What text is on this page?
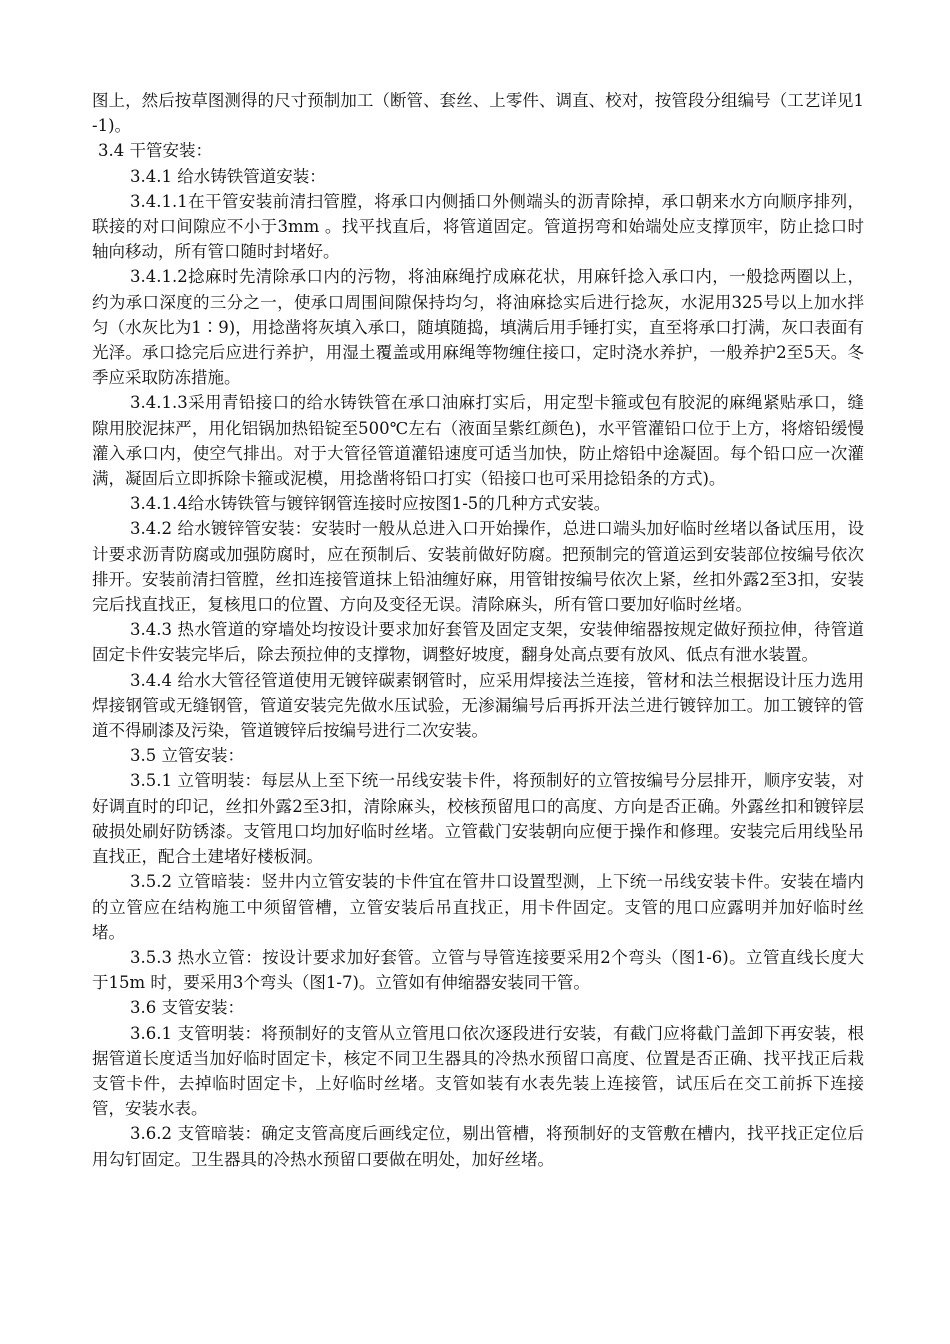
图上，然后按草图测得的尺寸预制加工（断管、套丝、上零件、调直、校对，按管段分组编号（工艺详见1-1)。

3.4 干管安装：

3.4.1 给水铸铁管道安装：

3.4.1.1在干管安装前清扫管膛，将承口内侧插口外侧端头的沥青除掉，承口朝来水方向顺序排列，联接的对口间隙应不小于3mm 。找平找直后，将管道固定。管道拐弯和始端处应支撑顶牢，防止捻口时轴向移动，所有管口随时封堵好。

3.4.1.2捻麻时先清除承口内的污物，将油麻绳拧成麻花状，用麻钎捻入承口内，一般捻两圈以上，约为承口深度的三分之一，使承口周围间隙保持均匀，将油麻捻实后进行捻灰，水泥用325号以上加水拌匀（水灰比为1∶9)，用捻凿将灰填入承口，随填随捣，填满后用手锤打实，直至将承口打满，灰口表面有光泽。承口捻完后应进行养护，用湿土覆盖或用麻绳等物缠住接口，定时浇水养护，一般养护2至5天。冬季应采取防冻措施。

3.4.1.3采用青铅接口的给水铸铁管在承口油麻打实后，用定型卡箍或包有胶泥的麻绳紧贴承口，缝隙用胶泥抹严，用化铝锅加热铅锭至500℃左右（液面呈紫红颜色)，水平管灌铅口位于上方，将熔铅缓慢灌入承口内，使空气排出。对于大管径管道灌铅速度可适当加快，防止熔铅中途凝固。每个铅口应一次灌满，凝固后立即拆除卡箍或泥模，用捻凿将铅口打实（铅接口也可采用捻铅条的方式)。

3.4.1.4给水铸铁管与镀锌钢管连接时应按图1-5的几种方式安装。

3.4.2 给水镀锌管安装：安装时一般从总进入口开始操作，总进口端头加好临时丝堵以备试压用，设计要求沥青防腐或加强防腐时，应在预制后、安装前做好防腐。把预制完的管道运到安装部位按编号依次排开。安装前清扫管膛，丝扣连接管道抹上铅油缠好麻，用管钳按编号依次上紧，丝扣外露2至3扣，安装完后找直找正，复核甩口的位置、方向及变径无误。清除麻头，所有管口要加好临时丝堵。

3.4.3 热水管道的穿墙处均按设计要求加好套管及固定支架，安装伸缩器按规定做好预拉伸，待管道固定卡件安装完毕后，除去预拉伸的支撑物，调整好坡度，翻身处高点要有放风、低点有泄水装置。

3.4.4 给水大管径管道使用无镀锌碳素钢管时，应采用焊接法兰连接，管材和法兰根据设计压力选用焊接钢管或无缝钢管，管道安装完先做水压试验，无渗漏编号后再拆开法兰进行镀锌加工。加工镀锌的管道不得刷漆及污染，管道镀锌后按编号进行二次安装。

3.5 立管安装：

3.5.1 立管明装：每层从上至下统一吊线安装卡件，将预制好的立管按编号分层排开，顺序安装，对好调直时的印记，丝扣外露2至3扣，清除麻头，校核预留甩口的高度、方向是否正确。外露丝扣和镀锌层破损处刷好防锈漆。支管甩口均加好临时丝堵。立管截门安装朝向应便于操作和修理。安装完后用线坠吊直找正，配合土建堵好楼板洞。

3.5.2 立管暗装：竖井内立管安装的卡件宜在管井口设置型测，上下统一吊线安装卡件。安装在墙内的立管应在结构施工中须留管槽，立管安装后吊直找正，用卡件固定。支管的甩口应露明并加好临时丝堵。

3.5.3 热水立管：按设计要求加好套管。立管与导管连接要采用2个弯头（图1-6)。立管直线长度大于15m 时，要采用3个弯头（图1-7)。立管如有伸缩器安装同干管。

3.6 支管安装：

3.6.1 支管明装：将预制好的支管从立管甩口依次逐段进行安装，有截门应将截门盖卸下再安装，根据管道长度适当加好临时固定卡，核定不同卫生器具的冷热水预留口高度、位置是否正确、找平找正后栽支管卡件，去掉临时固定卡，上好临时丝堵。支管如装有水表先装上连接管，试压后在交工前拆下连接管，安装水表。

3.6.2 支管暗装：确定支管高度后画线定位，剔出管槽，将预制好的支管敷在槽内，找平找正定位后用勾钉固定。卫生器具的冷热水预留口要做在明处，加好丝堵。
